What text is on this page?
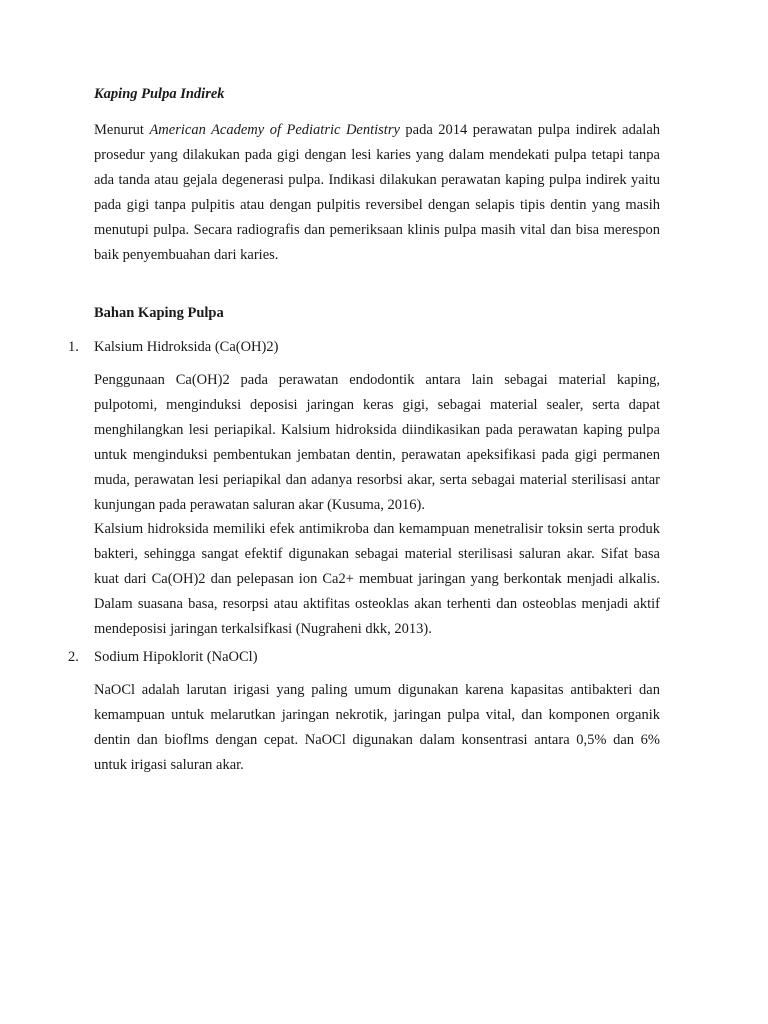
Kaping Pulpa Indirek

Menurut American Academy of Pediatric Dentistry pada 2014 perawatan pulpa indirek adalah prosedur yang dilakukan pada gigi dengan lesi karies yang dalam mendekati pulpa tetapi tanpa ada tanda atau gejala degenerasi pulpa. Indikasi dilakukan perawatan kaping pulpa indirek yaitu pada gigi tanpa pulpitis atau dengan pulpitis reversibel dengan selapis tipis dentin yang masih menutupi pulpa. Secara radiografis dan pemeriksaan klinis pulpa masih vital dan bisa merespon baik penyembuahan dari karies.

Bahan Kaping Pulpa
1. Kalsium Hidroksida (Ca(OH)2)

Penggunaan Ca(OH)2 pada perawatan endodontik antara lain sebagai material kaping, pulpotomi, menginduksi deposisi jaringan keras gigi, sebagai material sealer, serta dapat menghilangkan lesi periapikal. Kalsium hidroksida diindikasikan pada perawatan kaping pulpa untuk menginduksi pembentukan jembatan dentin, perawatan apeksifikasi pada gigi permanen muda, perawatan lesi periapikal dan adanya resorbsi akar, serta sebagai material sterilisasi antar kunjungan pada perawatan saluran akar (Kusuma, 2016).

Kalsium hidroksida memiliki efek antimikroba dan kemampuan menetralisir toksin serta produk bakteri, sehingga sangat efektif digunakan sebagai material sterilisasi saluran akar. Sifat basa kuat dari Ca(OH)2 dan pelepasan ion Ca2+ membuat jaringan yang berkontak menjadi alkalis. Dalam suasana basa, resorpsi atau aktifitas osteoklas akan terhenti dan osteoblas menjadi aktif mendeposisi jaringan terkalsifkasi (Nugraheni dkk, 2013).

2. Sodium Hipoklorit (NaOCl)

NaOCl adalah larutan irigasi yang paling umum digunakan karena kapasitas antibakteri dan kemampuan untuk melarutkan jaringan nekrotik, jaringan pulpa vital, dan komponen organik dentin dan bioflms dengan cepat. NaOCl digunakan dalam konsentrasi antara 0,5% dan 6% untuk irigasi saluran akar.
